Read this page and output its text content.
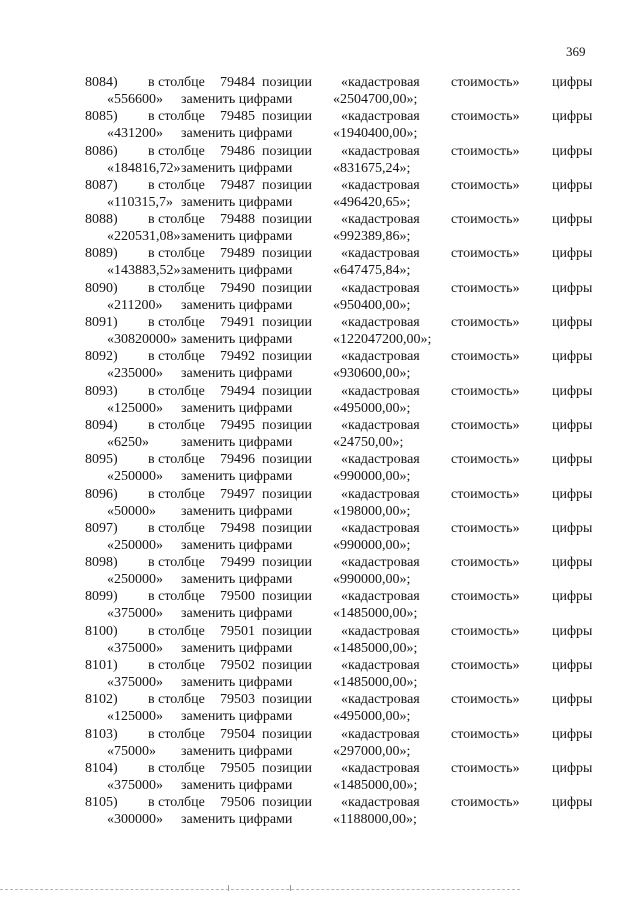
369
8084) в столбце 79484 позиции «кадастровая стоимость» цифры
«556600» заменить цифрами	«2504700,00»;
8085) в столбце 79485 позиции «кадастровая стоимость» цифры
«431200» заменить цифрами	«1940400,00»;
8086) в столбце 79486 позиции «кадастровая стоимость» цифры
«184816,72» заменить цифрами	«831675,24»;
8087) в столбце 79487 позиции «кадастровая стоимость» цифры
«110315,7» заменить цифрами	«496420,65»;
8088) в столбце 79488 позиции «кадастровая стоимость» цифры
«220531,08» заменить цифрами	«992389,86»;
8089) в столбце 79489 позиции «кадастровая стоимость» цифры
«143883,52» заменить цифрами	«647475,84»;
8090) в столбце 79490 позиции «кадастровая стоимость» цифры
«211200» заменить цифрами	«950400,00»;
8091) в столбце 79491 позиции «кадастровая стоимость» цифры
«30820000» заменить цифрами	«122047200,00»;
8092) в столбце 79492 позиции «кадастровая стоимость» цифры
«235000» заменить цифрами	«930600,00»;
8093) в столбце 79494 позиции «кадастровая стоимость» цифры
«125000» заменить цифрами	«495000,00»;
8094) в столбце 79495 позиции «кадастровая стоимость» цифры
«6250» заменить цифрами	«24750,00»;
8095) в столбце 79496 позиции «кадастровая стоимость» цифры
«250000» заменить цифрами	«990000,00»;
8096) в столбце 79497 позиции «кадастровая стоимость» цифры
«50000» заменить цифрами	«198000,00»;
8097) в столбце 79498 позиции «кадастровая стоимость» цифры
«250000» заменить цифрами	«990000,00»;
8098) в столбце 79499 позиции «кадастровая стоимость» цифры
«250000» заменить цифрами	«990000,00»;
8099) в столбце 79500 позиции «кадастровая стоимость» цифры
«375000» заменить цифрами	«1485000,00»;
8100) в столбце 79501 позиции «кадастровая стоимость» цифры
«375000» заменить цифрами	«1485000,00»;
8101) в столбце 79502 позиции «кадастровая стоимость» цифры
«375000» заменить цифрами	«1485000,00»;
8102) в столбце 79503 позиции «кадастровая стоимость» цифры
«125000» заменить цифрами	«495000,00»;
8103) в столбце 79504 позиции «кадастровая стоимость» цифры
«75000» заменить цифрами	«297000,00»;
8104) в столбце 79505 позиции «кадастровая стоимость» цифры
«375000» заменить цифрами	«1485000,00»;
8105) в столбце 79506 позиции «кадастровая стоимость» цифры
«300000» заменить цифрами	«1188000,00»;
